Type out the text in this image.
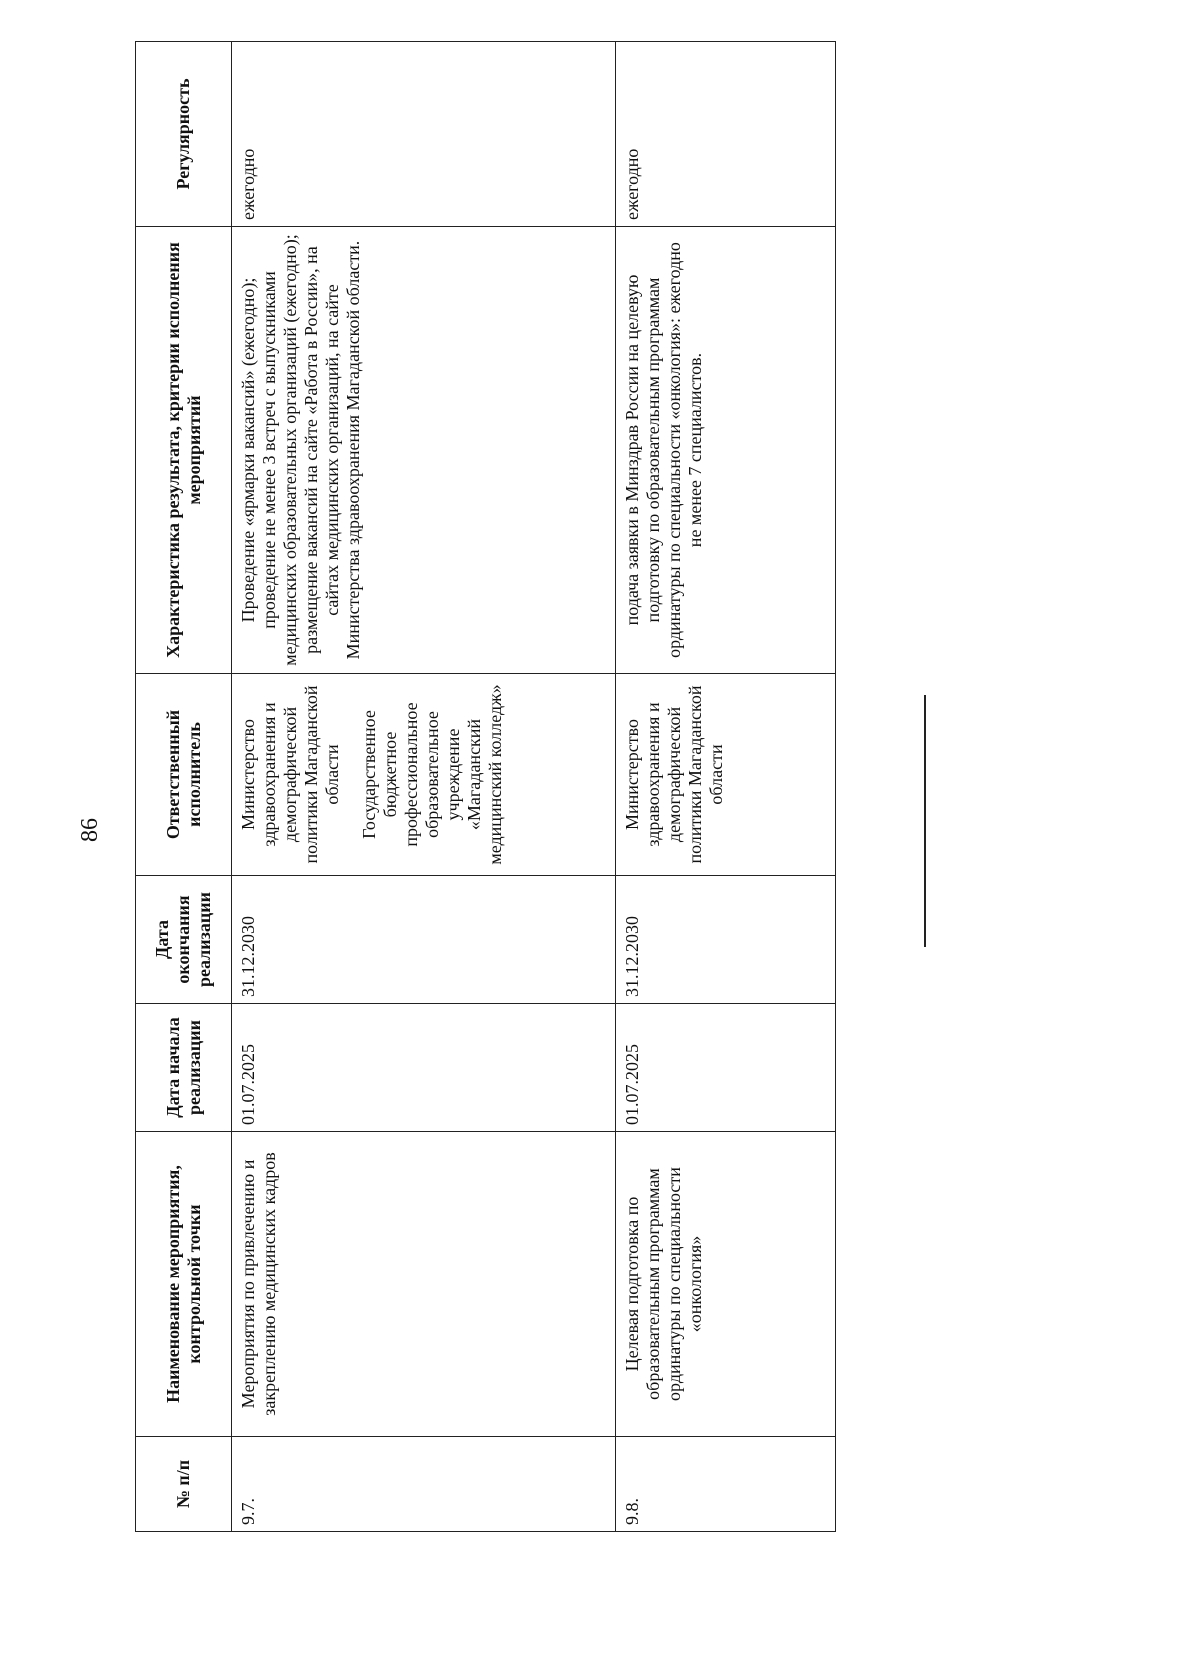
86
№ п/п	Наименование мероприятия, контрольной точки	Дата начала реализации	Дата окончания реализации	Ответственный исполнитель	Характеристика результата, критерии исполнения мероприятий	Регулярность
9.7.	Мероприятия по привлечению и закреплению медицинских кадров	01.07.2025	31.12.2030	Министерство здравоохранения и демографической политики Магаданской области Государственное бюджетное профессиональное образовательное учреждение «Магаданский медицинский колледж»	Проведение «ярмарки вакансий» (ежегодно); проведение не менее 3 встреч с выпускниками медицинских образовательных организаций (ежегодно); размещение вакансий на сайте «Работа в России», на сайтах медицинских организаций, на сайте Министерства здравоохранения Магаданской области.	ежегодно
9.8.	Целевая подготовка по образовательным программам ординатуры по специальности «онкология»	01.07.2025	31.12.2030	Министерство здравоохранения и демографической политики Магаданской области	подача заявки в Минздрав России на целевую подготовку по образовательным программам ординатуры по специальности «онкология»: ежегодно не менее 7 специалистов.	ежегодно
